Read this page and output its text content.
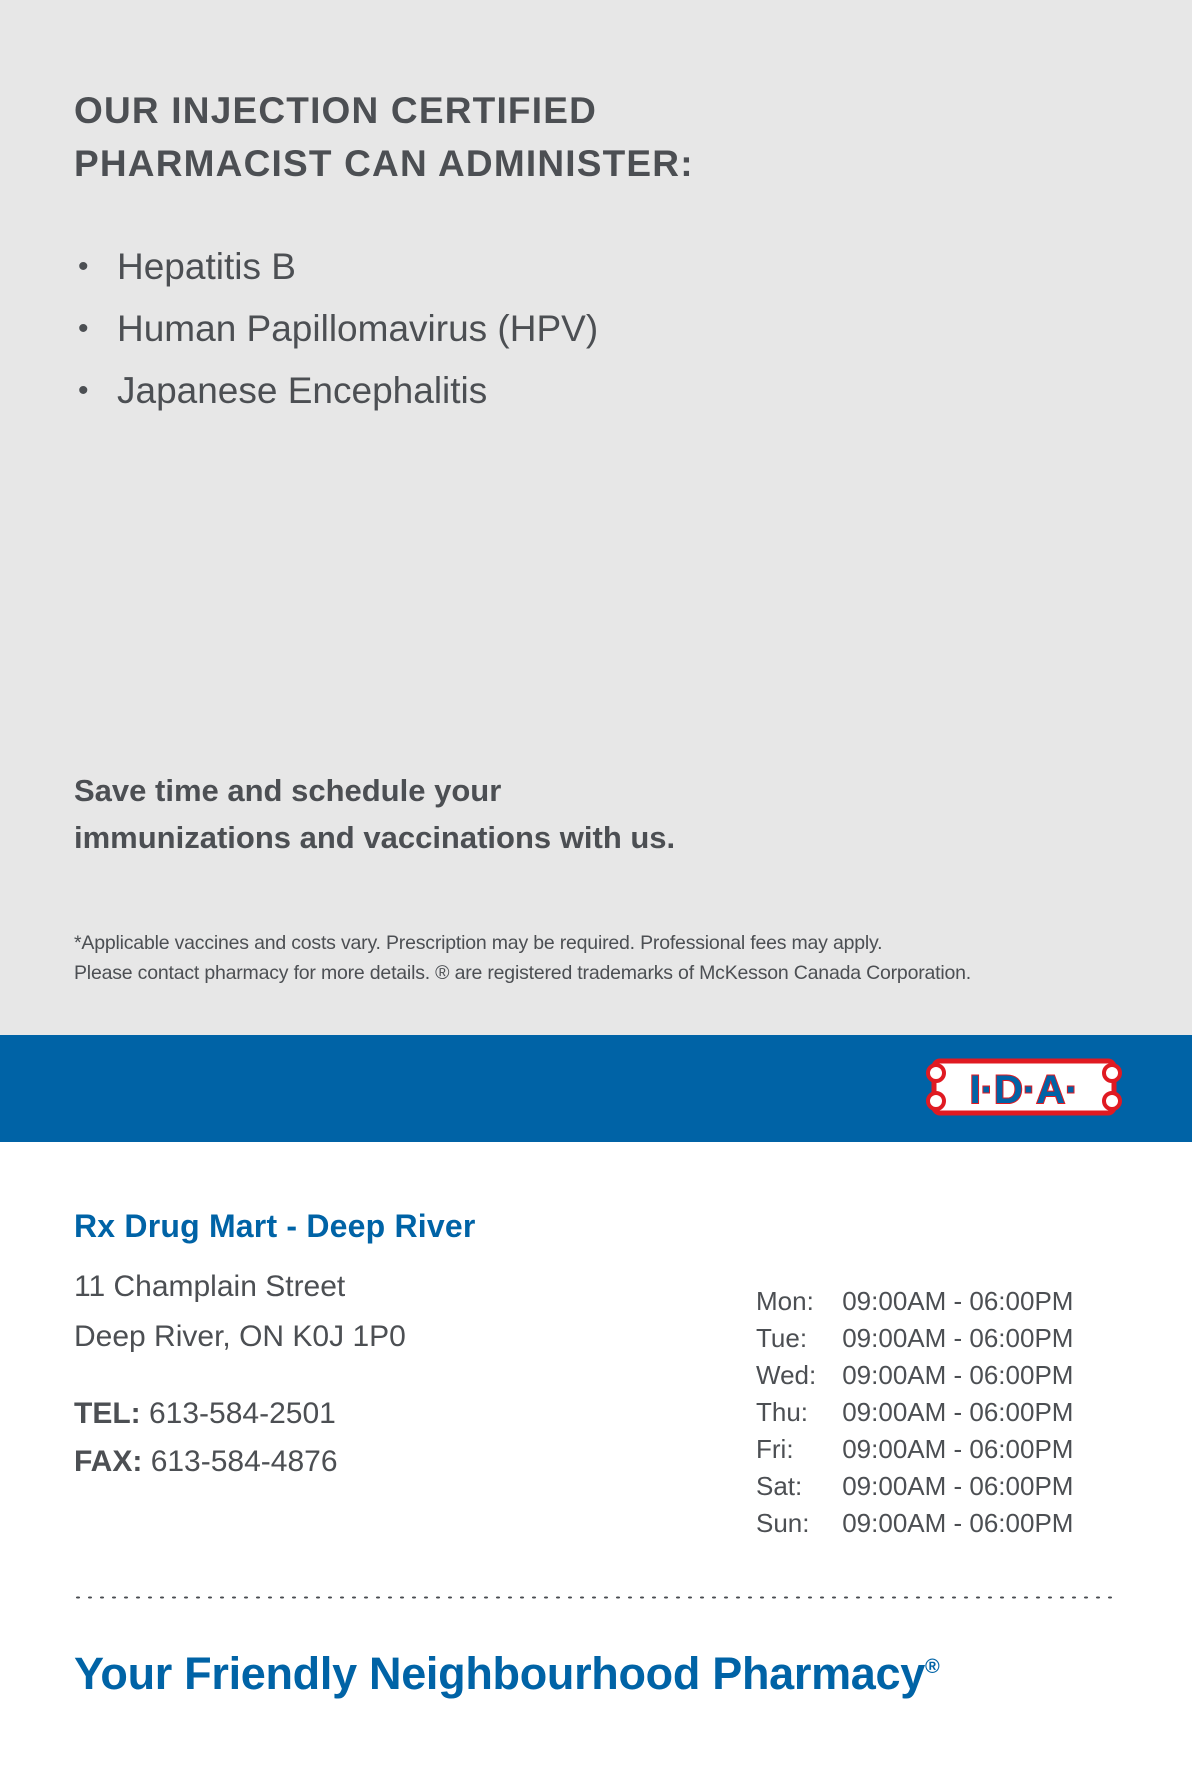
OUR INJECTION CERTIFIED
PHARMACIST CAN ADMINISTER:
• Hepatitis B
• Human Papillomavirus (HPV)
• Japanese Encephalitis
Save time and schedule your
immunizations and vaccinations with us.
*Applicable vaccines and costs vary. Prescription may be required. Professional fees may apply.
Please contact pharmacy for more details. ® are registered trademarks of McKesson Canada Corporation.
I·D·A·
Rx Drug Mart - Deep River
11 Champlain Street
Deep River, ON K0J 1P0
TEL: 613-584-2501
FAX: 613-584-4876
Mon:	09:00AM - 06:00PM
Tue:	09:00AM - 06:00PM
Wed:	09:00AM - 06:00PM
Thu:	09:00AM - 06:00PM
Fri:	09:00AM - 06:00PM
Sat:	09:00AM - 06:00PM
Sun:	09:00AM - 06:00PM
Your Friendly Neighbourhood Pharmacy®
